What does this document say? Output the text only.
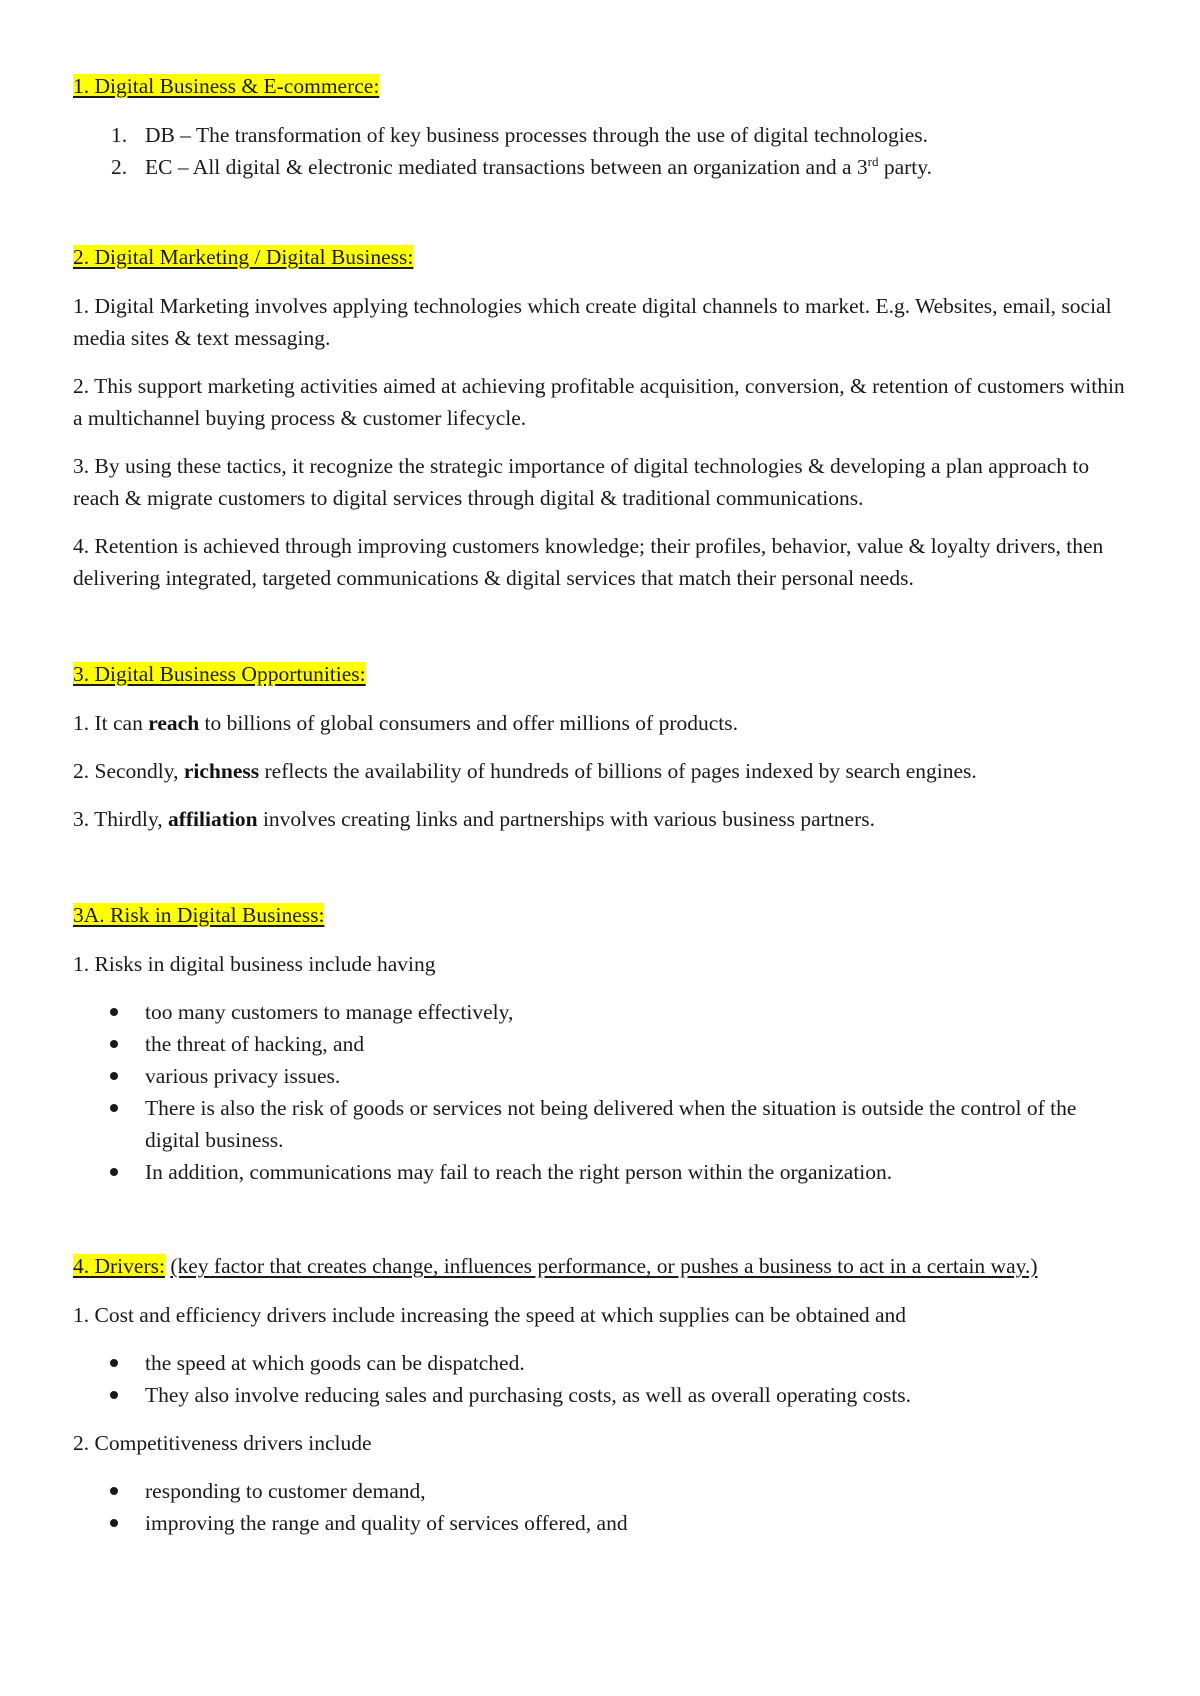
1. Digital Business & E-commerce:
1. DB – The transformation of key business processes through the use of digital technologies.
2. EC – All digital & electronic mediated transactions between an organization and a 3rd party.
2. Digital Marketing / Digital Business:

1. Digital Marketing involves applying technologies which create digital channels to market. E.g. Websites, email, social media sites & text messaging.

2. This support marketing activities aimed at achieving profitable acquisition, conversion, & retention of customers within a multichannel buying process & customer lifecycle.

3. By using these tactics, it recognize the strategic importance of digital technologies & developing a plan approach to reach & migrate customers to digital services through digital & traditional communications.

4. Retention is achieved through improving customers knowledge; their profiles, behavior, value & loyalty drivers, then delivering integrated, targeted communications & digital services that match their personal needs.

3. Digital Business Opportunities:

1. It can reach to billions of global consumers and offer millions of products.

2. Secondly, richness reflects the availability of hundreds of billions of pages indexed by search engines.

3. Thirdly, affiliation involves creating links and partnerships with various business partners.

3A. Risk in Digital Business:

1. Risks in digital business include having

too many customers to manage effectively,
the threat of hacking, and
various privacy issues.
There is also the risk of goods or services not being delivered when the situation is outside the control of the digital business.
In addition, communications may fail to reach the right person within the organization.
4. Drivers: (key factor that creates change, influences performance, or pushes a business to act in a certain way.)

1. Cost and efficiency drivers include increasing the speed at which supplies can be obtained and

the speed at which goods can be dispatched.
They also involve reducing sales and purchasing costs, as well as overall operating costs.

2. Competitiveness drivers include

responding to customer demand,
improving the range and quality of services offered, and
